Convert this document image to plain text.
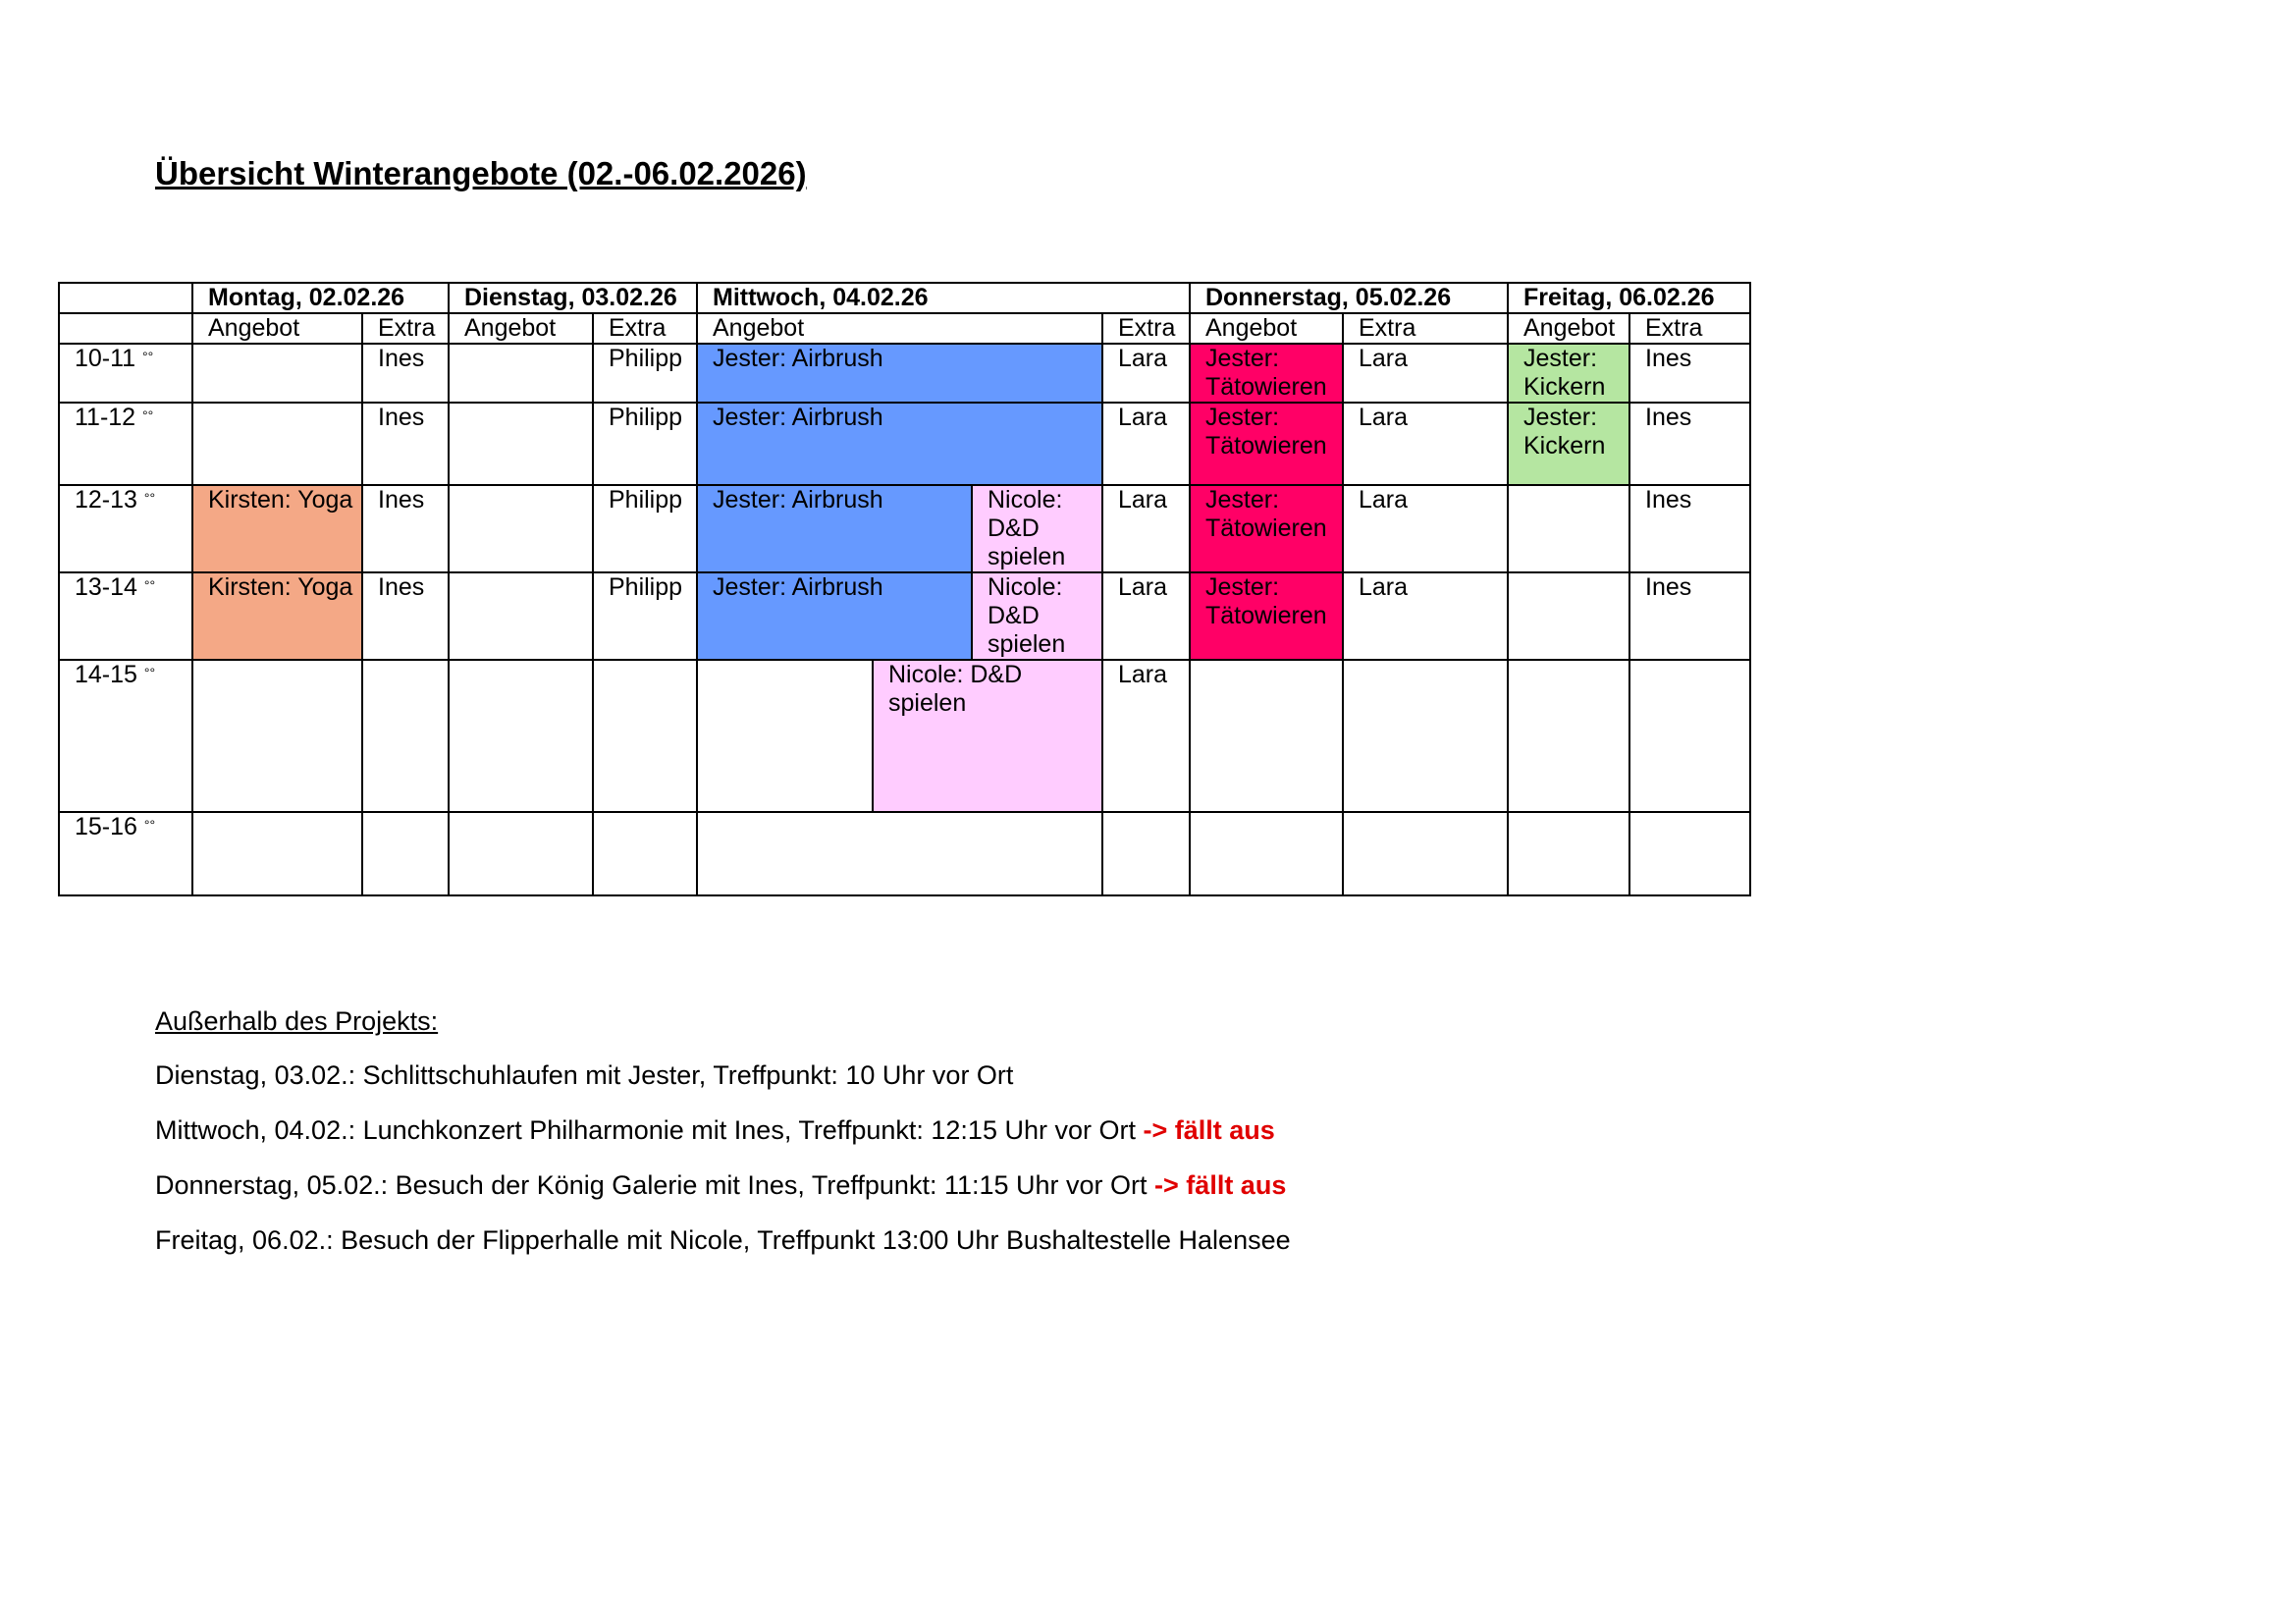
Übersicht Winterangebote (02.-06.02.2026)
	Montag, 02.02.26		Dienstag, 03.02.26		Mittwoch, 04.02.26				Donnerstag, 05.02.26		Freitag, 06.02.26	
	Angebot	Extra	Angebot	Extra	Angebot			Extra	Angebot	Extra	Angebot	Extra
10-11 °°		Ines		Philipp	Jester: Airbrush			Lara	Jester: Tätowieren	Lara	Jester: Kickern	Ines
11-12 °°		Ines		Philipp	Jester: Airbrush			Lara	Jester: Tätowieren	Lara	Jester: Kickern	Ines
12-13 °°	Kirsten: Yoga	Ines		Philipp	Jester: Airbrush		Nicole: D&D spielen	Lara	Jester: Tätowieren	Lara		Ines
13-14 °°	Kirsten: Yoga	Ines		Philipp	Jester: Airbrush		Nicole: D&D spielen	Lara	Jester: Tätowieren	Lara		Ines
14-15 °°						Nicole: D&D spielen		Lara				
15-16 °°										
Außerhalb des Projekts:
Dienstag, 03.02.: Schlittschuhlaufen mit Jester, Treffpunkt: 10 Uhr vor Ort
Mittwoch, 04.02.: Lunchkonzert Philharmonie mit Ines, Treffpunkt: 12:15 Uhr vor Ort -> fällt aus
Donnerstag, 05.02.: Besuch der König Galerie mit Ines, Treffpunkt: 11:15 Uhr vor Ort -> fällt aus
Freitag, 06.02.: Besuch der Flipperhalle mit Nicole, Treffpunkt 13:00 Uhr Bushaltestelle Halensee
